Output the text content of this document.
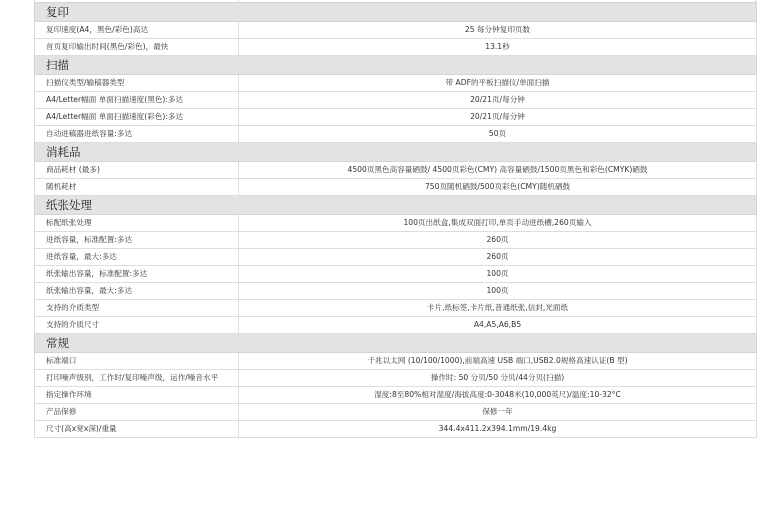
复印	
复印速度(A4，黑色/彩色)高达	25 每分钟复印页数
首页复印输出时间(黑色/彩色)，最快	13.1秒
扫描	
扫描仪类型/输稿器类型	带 ADF的平板扫描仪/单面扫描
A4/Letter幅面 单面扫描速度(黑色):多达	20/21页/每分钟
A4/Letter幅面 单面扫描速度(彩色):多达	20/21页/每分钟
自动进稿器进纸容量:多达	50页
消耗品	
商品耗材 (最多)	4500页黑色高容量硒鼓/ 4500页彩色(CMY) 高容量硒鼓/1500页黑色和彩色(CMYK)硒鼓
随机耗材	750页随机硒鼓/500页彩色(CMY)随机硒鼓
纸张处理	
标配纸张处理	100页出纸盒,集成双面打印,单页手动进纸槽,260页输入
进纸容量，标准配置:多达	260页
进纸容量，最大:多达	260页
纸张输出容量，标准配置:多达	100页
纸张输出容量，最大:多达	100页
支持的介质类型	卡片,纸标签,卡片纸,普通纸张,信封,光面纸
支持的介质尺寸	A4,A5,A6,B5
常规	
标准端口	千兆以太网 (10/100/1000),前端高速 USB 端口,USB2.0规格高速认证(B 型)
打印噪声级别，工作时/复印噪声级，运作/噪音水平	操作时: 50 分贝/50 分贝/44分贝(扫描)
指定操作环境	湿度:8至80%相对湿度/海拔高度:0-3048米(10,000英尺)/温度:10-32°C
产品保修	保修一年
尺寸(高x宽x深)/重量	344.4x411.2x394.1mm/19.4kg
